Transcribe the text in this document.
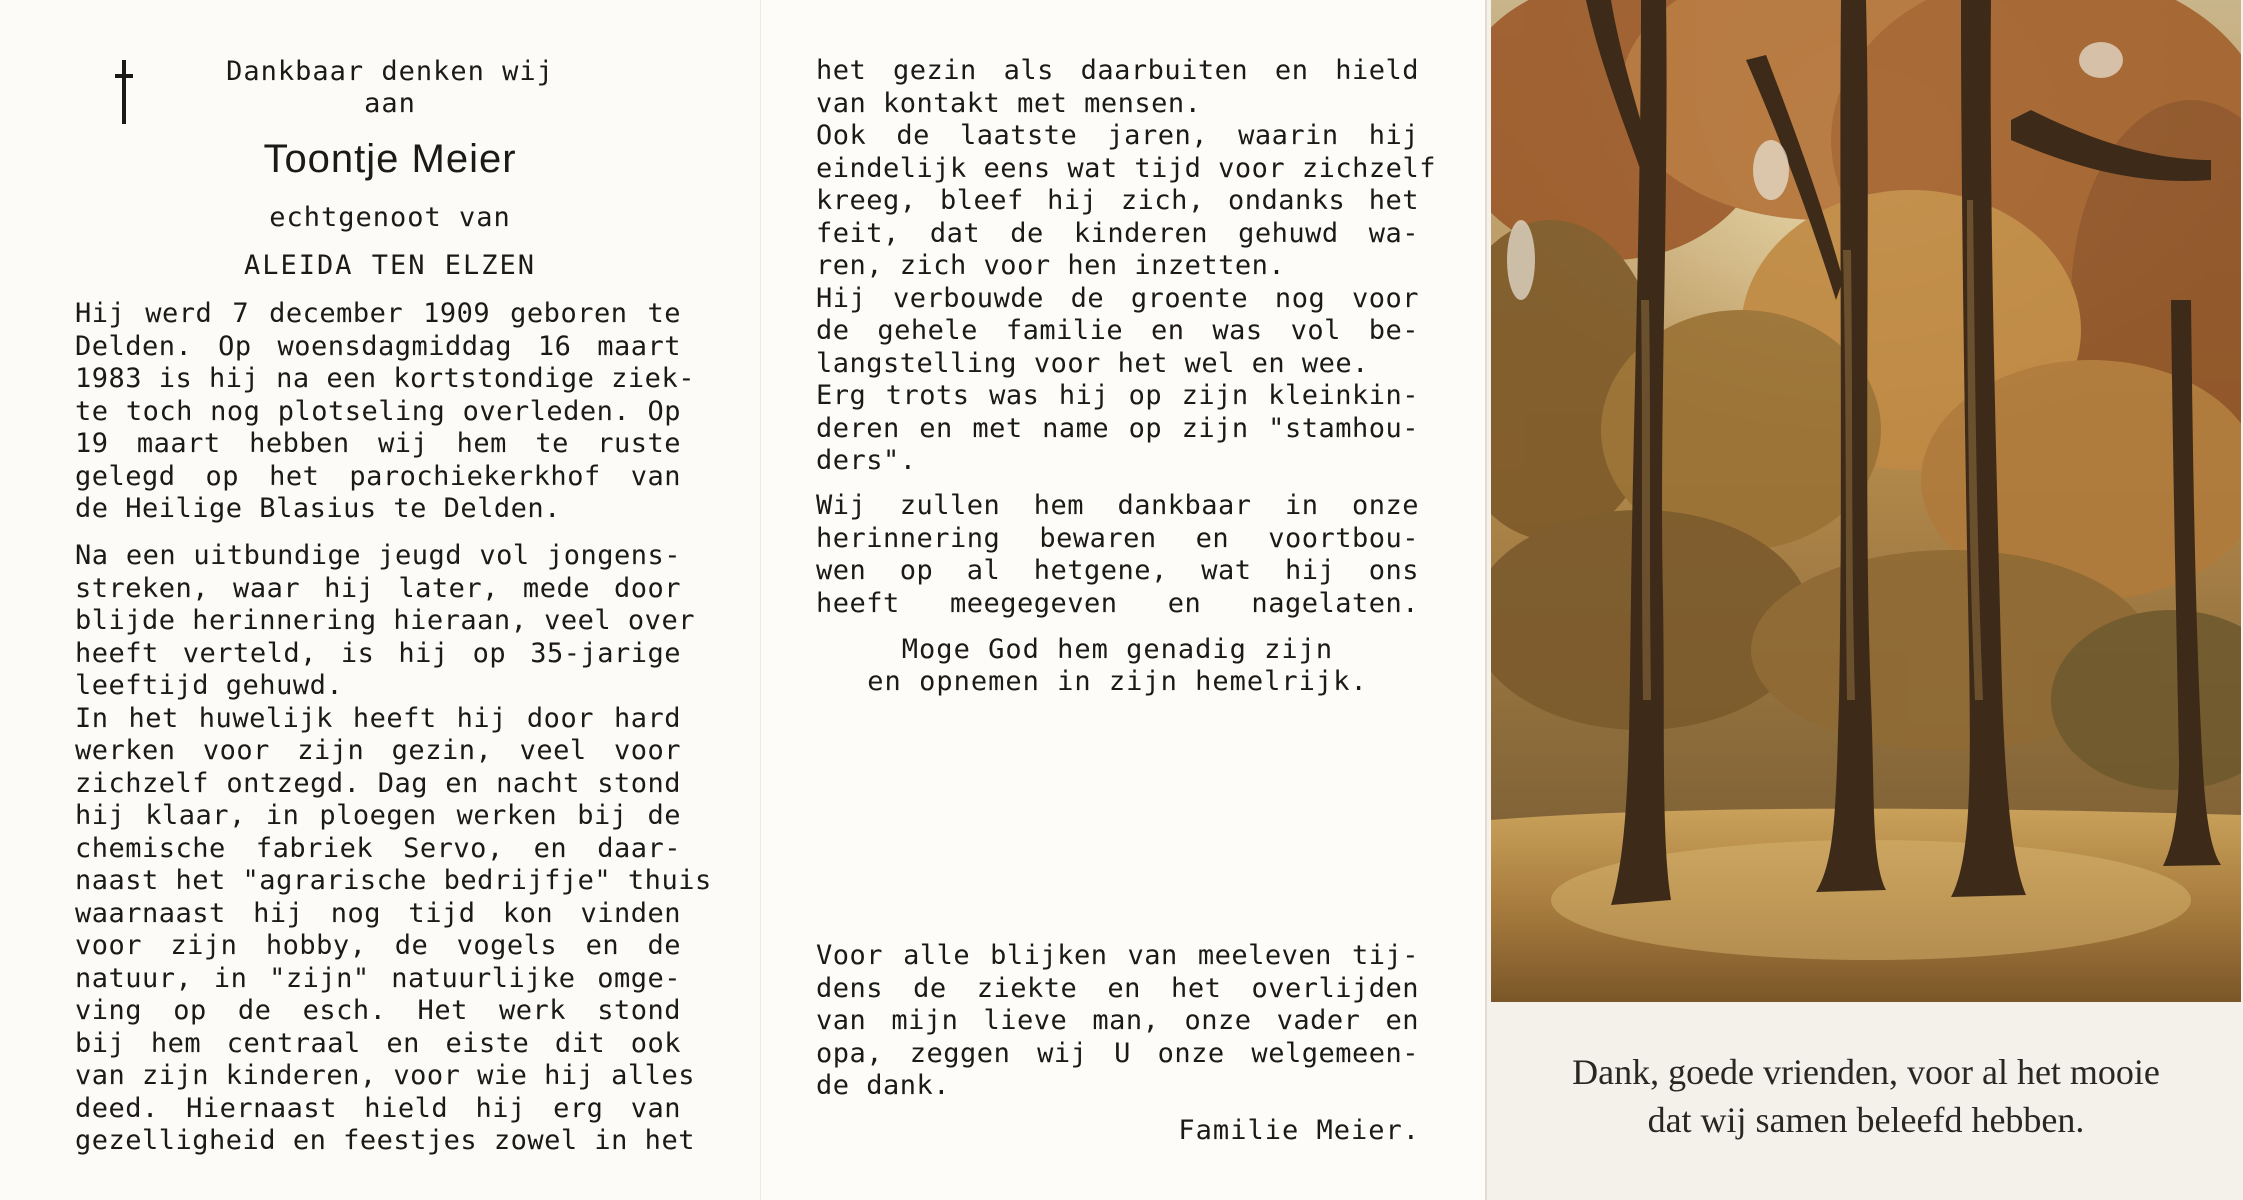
Dankbaar denken wij
aan
Toontje Meier
echtgenoot van
ALEIDA TEN ELZEN
Hij werd 7 december 1909 geboren te
Delden. Op woensdagmiddag 16 maart
1983 is hij na een kortstondige ziek-
te toch nog plotseling overleden. Op
19 maart hebben wij hem te ruste
gelegd op het parochiekerkhof van
de Heilige Blasius te Delden.
Na een uitbundige jeugd vol jongens-
streken, waar hij later, mede door
blijde herinnering hieraan, veel over
heeft verteld, is hij op 35-jarige
leeftijd gehuwd.
In het huwelijk heeft hij door hard
werken voor zijn gezin, veel voor
zichzelf ontzegd. Dag en nacht stond
hij klaar, in ploegen werken bij de
chemische fabriek Servo, en daar-
naast het "agrarische bedrijfje" thuis
waarnaast hij nog tijd kon vinden
voor zijn hobby, de vogels en de
natuur, in "zijn" natuurlijke omge-
ving op de esch. Het werk stond
bij hem centraal en eiste dit ook
van zijn kinderen, voor wie hij alles
deed. Hiernaast hield hij erg van
gezelligheid en feestjes zowel in het
het gezin als daarbuiten en hield
van kontakt met mensen.
Ook de laatste jaren, waarin hij
eindelijk eens wat tijd voor zichzelf
kreeg, bleef hij zich, ondanks het
feit, dat de kinderen gehuwd wa-
ren, zich voor hen inzetten.
Hij verbouwde de groente nog voor
de gehele familie en was vol be-
langstelling voor het wel en wee.
Erg trots was hij op zijn kleinkin-
deren en met name op zijn "stamhou-
ders".
Wij zullen hem dankbaar in onze
herinnering bewaren en voortbou-
wen op al hetgene, wat hij ons
heeft meegegeven en nagelaten.
Moge God hem genadig zijn
en opnemen in zijn hemelrijk.
Voor alle blijken van meeleven tij-
dens de ziekte en het overlijden
van mijn lieve man, onze vader en
opa, zeggen wij U onze welgemeen-
de dank.
Familie Meier.
Dank, goede vrienden, voor al het mooie
dat wij samen beleefd hebben.
